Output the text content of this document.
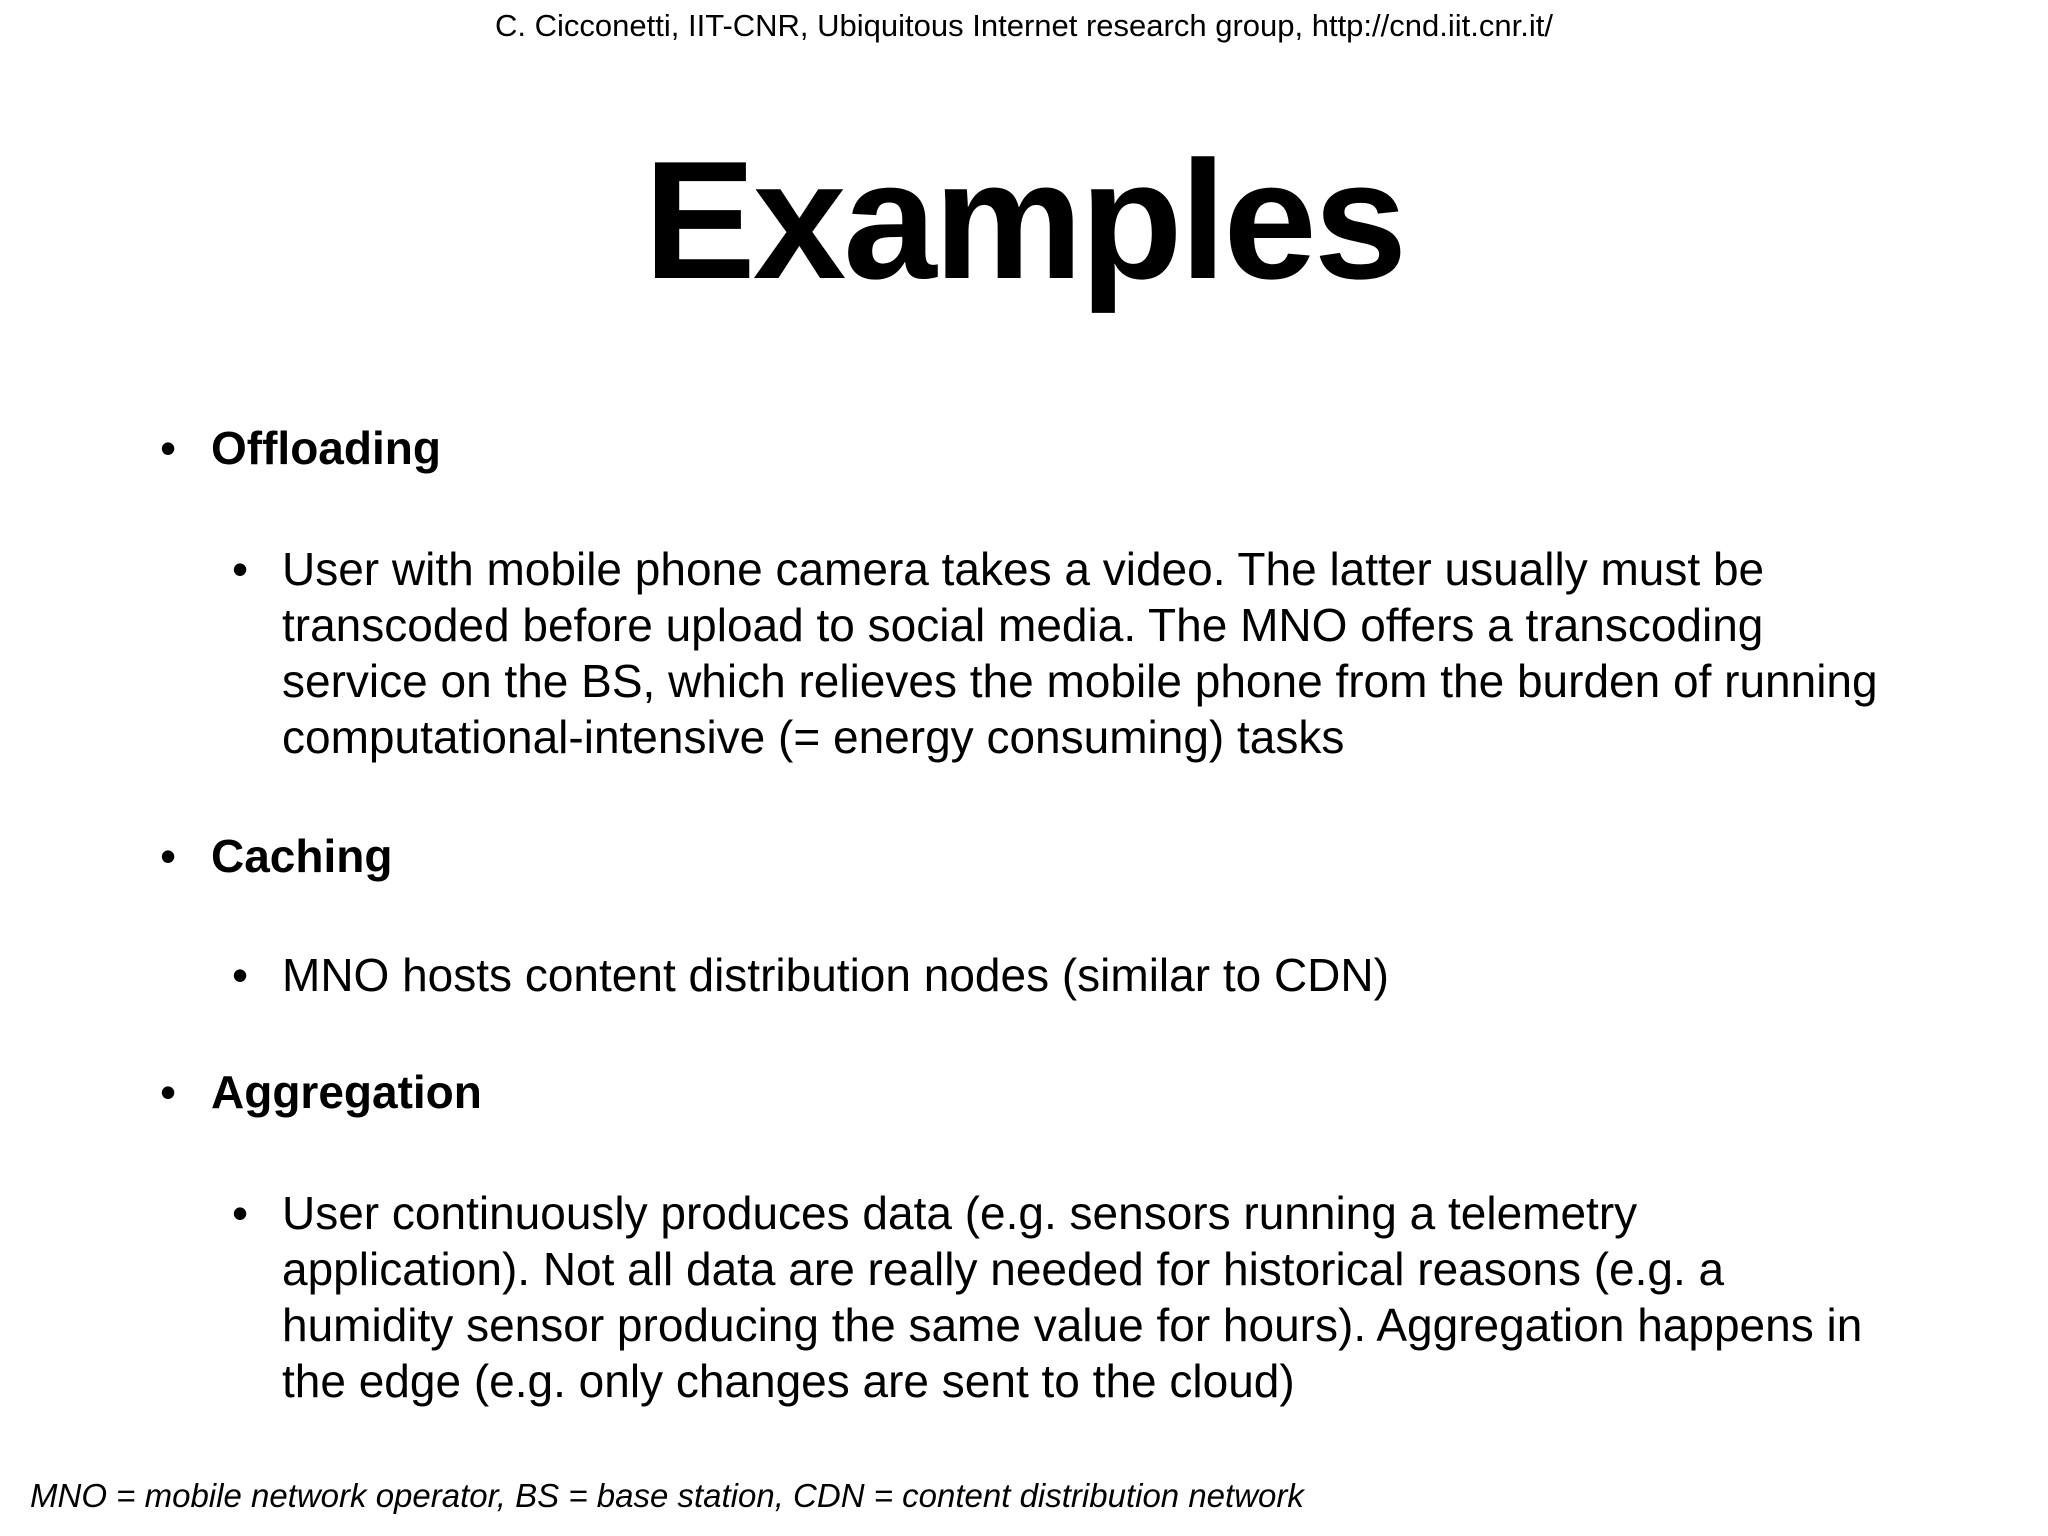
C. Cicconetti, IIT-CNR, Ubiquitous Internet research group, http://cnd.iit.cnr.it/
Examples
• Offloading
• User with mobile phone camera takes a video. The latter usually must be
transcoded before upload to social media. The MNO offers a transcoding
service on the BS, which relieves the mobile phone from the burden of running
computational-intensive (= energy consuming) tasks
• Caching
• MNO hosts content distribution nodes (similar to CDN)
• Aggregation
• User continuously produces data (e.g. sensors running a telemetry
application). Not all data are really needed for historical reasons (e.g. a
humidity sensor producing the same value for hours). Aggregation happens in
the edge (e.g. only changes are sent to the cloud)
MNO = mobile network operator, BS = base station, CDN = content distribution network
